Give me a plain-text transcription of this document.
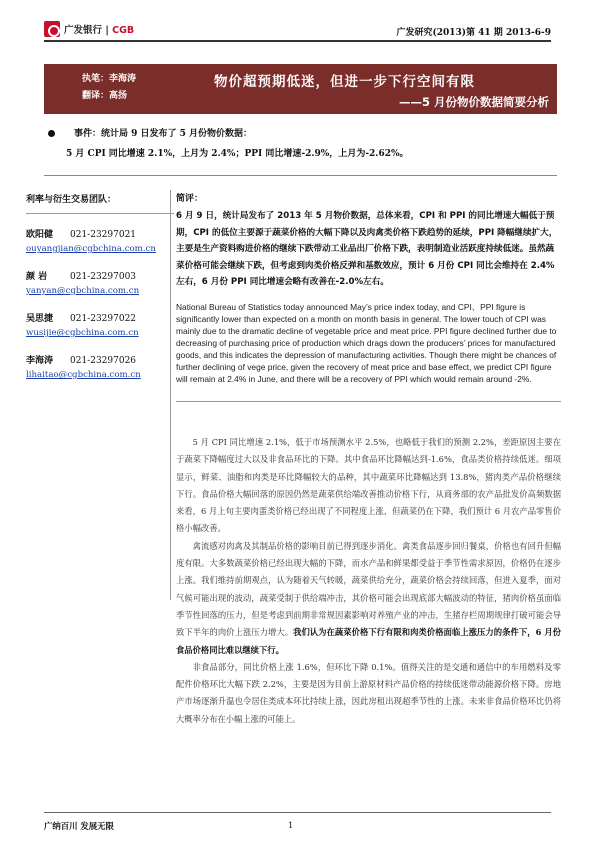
广发银行 | CGB	广发研究(2013)第 41 期 2013-6-9
执笔：李海涛
翻译：高扬
物价超预期低迷，但进一步下行空间有限
——5 月份物价数据简要分析
事件：统计局 9 日发布了 5 月份物价数据：
5 月 CPI 同比增速 2.1%，上月为 2.4%；PPI 同比增速-2.9%，上月为-2.62%。
利率与衍生交易团队：
欧阳健	021-23297021
ouyangjian@cgbchina.com.cn
颜 岩	021-23297003
yanyan@cgbchina.com.cn
吴思捷	021-23297022
wusijie@cgbchina.com.cn
李海涛	021-23297026
lihaitao@cgbchina.com.cn
简评：

6 月 9 日，统计局发布了 2013 年 5 月物价数据，总体来看，CPI 和 PPI 的同比增速大幅低于预期，CPI 的低位主要源于蔬菜价格的大幅下降以及肉禽类价格下跌趋势的延续，PPI 降幅继续扩大，主要是生产资料购进价格的继续下跌带动工业品出厂价格下跌，表明制造业活跃度持续低迷。虽然蔬菜价格可能会继续下跌，但考虑到肉类价格反弹和基数效应，预计 6 月份 CPI 同比会维持在 2.4%左右，6 月份 PPI 同比增速会略有改善在-2.0%左右。

National Bureau of Statistics today announced May’s price index today, and CPI、PPI figure is significantly lower than expected on a month on month basis in general. The lower touch of CPI was mainly due to the dramatic decline of vegetable price and meat price. PPI figure declined further due to decreasing of purchasing price of production which drags down the producers’ prices for manufactured goods, and this indicates the depression of manufacturing activities. Though there might be chances of further declining of vege price, given the recovery of meat price and base effect, we predict CPI figure will remain at 2.4% in June, and there will be a recovery of PPI which would remain around -2%.

5 月 CPI 同比增速 2.1%，低于市场预测水平 2.5%，也略低于我们的预测 2.2%，差距原因主要在于蔬菜下降幅度过大以及非食品环比的下降。其中食品环比降幅达到-1.6%，食品类价格持续低迷。细项显示，鲜菜、油脂和肉类是环比降幅较大的品种，其中蔬菜环比降幅达到 13.8%，猪肉类产品价格继续下行。食品价格大幅回落的原因仍然是蔬菜供给端改善推动价格下行，从商务部的农产品批发价高频数据来看，6 月上旬主要肉蛋类价格已经出现了不同程度上涨，但蔬菜仍在下降，我们预计 6 月农产品零售价格小幅改善。

禽流感对肉禽及其制品价格的影响目前已得到逐步消化。禽类食品逐步回归餐桌，价格也有回升但幅度有限。大多数蔬菜价格已经出现大幅的下降，而水产品和鲜果都受益于季节性需求原因，价格仍在逐步上涨。我们维持前期观点，认为随着天气转暖，蔬菜供给充分，蔬菜价格会持续回落，但进入夏季，面对气候可能出现的波动，蔬菜受制于供给端冲击，其价格可能会出现底部大幅波动的特征，猪肉价格虽面临季节性回落的压力，但是考虑到前期非常规因素影响对养殖产业的冲击，生猪存栏周期规律打破可能会导致下半年的肉价上涨压力增大。我们认为在蔬菜价格下行有限和肉类价格面临上涨压力的条件下，6 月份食品价格同比难以继续下行。

非食品部分，同比价格上涨 1.6%，但环比下降 0.1%。值得关注的是交通和通信中的车用燃料及零配件价格环比大幅下跌 2.2%，主要是因为目前上游原材料产品价格的持续低迷带动能源价格下降。房地产市场逐渐升温也令居住类成本环比持续上涨，因此房租出现超季节性的上涨。未来非食品价格环比仍将大概率分布在小幅上涨的可能上。

广纳百川 发展无限	1
